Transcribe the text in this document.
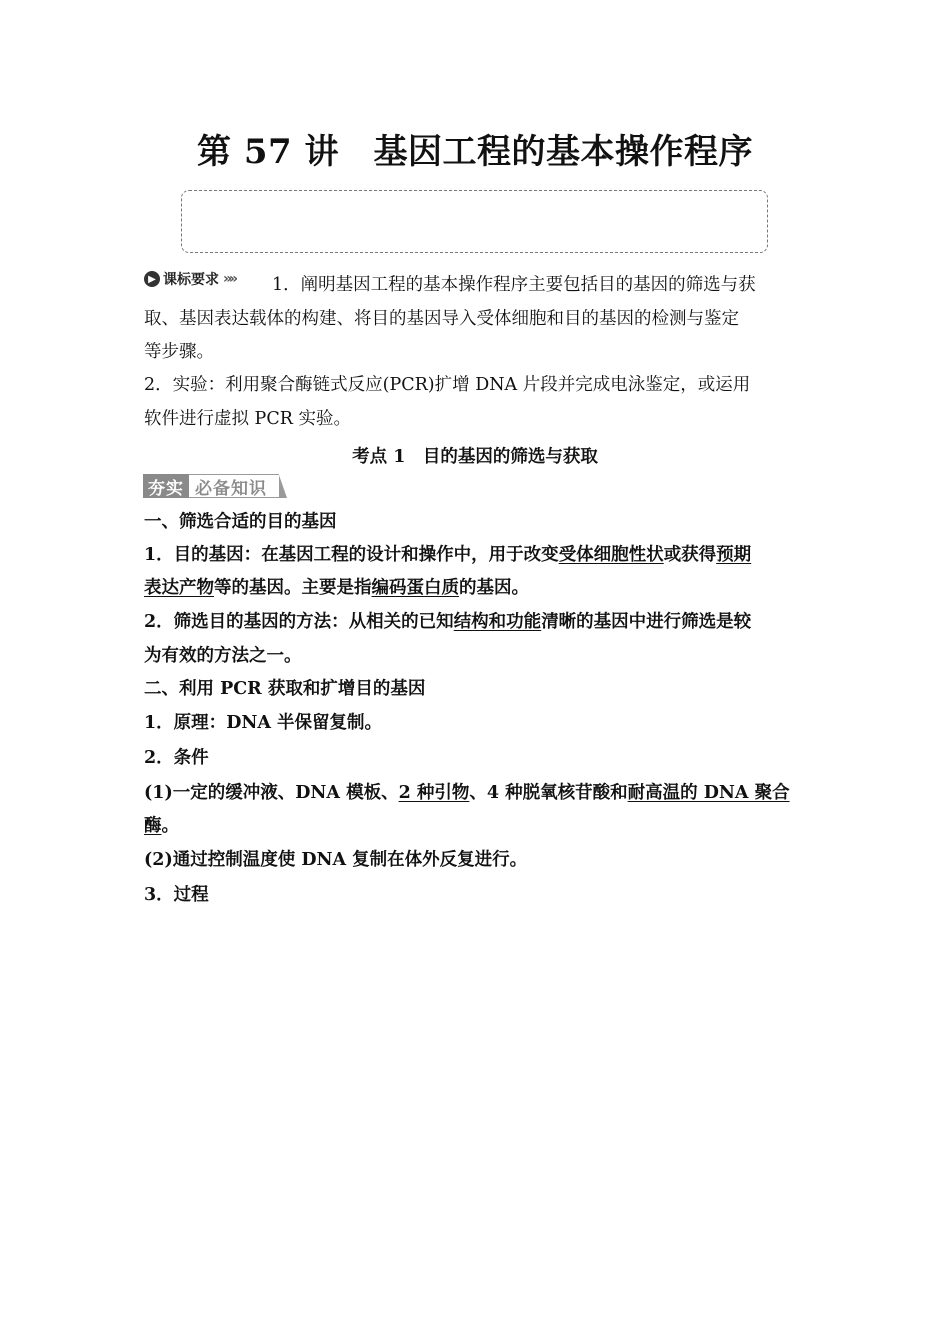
第 57 讲　基因工程的基本操作程序
▶ 课标要求 »» 1．阐明基因工程的基本操作程序主要包括目的基因的筛选与获
取、基因表达载体的构建、将目的基因导入受体细胞和目的基因的检测与鉴定
等步骤。
2．实验：利用聚合酶链式反应(PCR)扩增 DNA 片段并完成电泳鉴定，或运用
软件进行虚拟 PCR 实验。
考点 1　目的基因的筛选与获取
夯实 必备知识
一、筛选合适的目的基因
1．目的基因：在基因工程的设计和操作中，用于改变受体细胞性状或获得预期
表达产物等的基因。主要是指编码蛋白质的基因。
2．筛选目的基因的方法：从相关的已知结构和功能清晰的基因中进行筛选是较
为有效的方法之一。
二、利用 PCR 获取和扩增目的基因
1．原理：DNA 半保留复制。
2．条件
(1)一定的缓冲液、DNA 模板、2 种引物、4 种脱氧核苷酸和耐高温的 DNA 聚合
酶。
(2)通过控制温度使 DNA 复制在体外反复进行。
3．过程
